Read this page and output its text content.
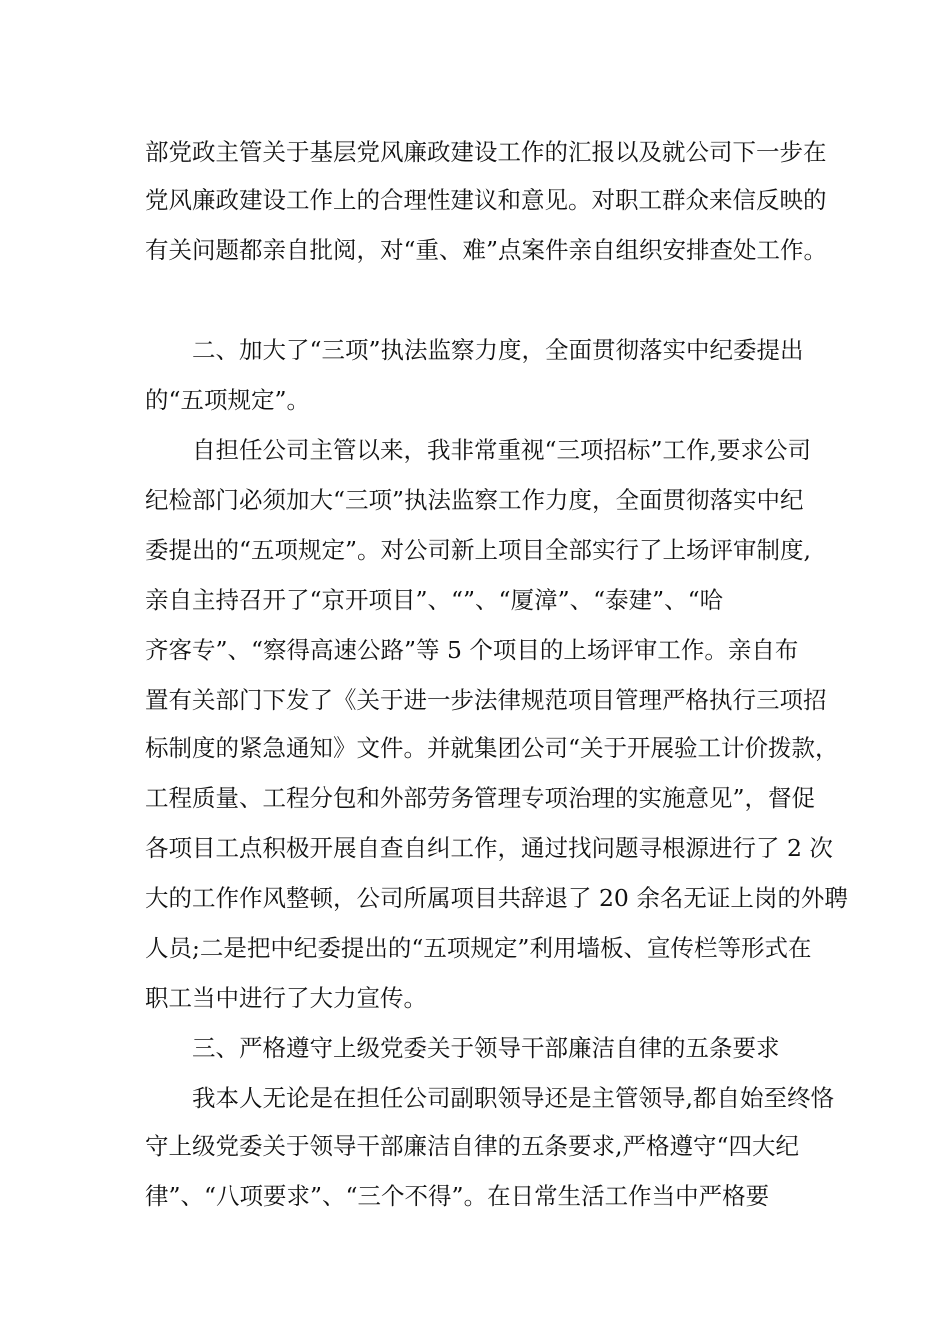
部党政主管关于基层党风廉政建设工作的汇报以及就公司下一步在
党风廉政建设工作上的合理性建议和意见。对职工群众来信反映的
有关问题都亲自批阅，对“重、难”点案件亲自组织安排查处工作。
二、加大了“三项”执法监察力度，全面贯彻落实中纪委提出
的“五项规定”。
自担任公司主管以来，我非常重视“三项招标”工作,要求公司
纪检部门必须加大“三项”执法监察工作力度，全面贯彻落实中纪
委提出的“五项规定”。对公司新上项目全部实行了上场评审制度,
亲自主持召开了“京开项目”、“”、“厦漳”、“泰建”、“哈
齐客专”、“察得高速公路”等 5 个项目的上场评审工作。亲自布
置有关部门下发了《关于进一步法律规范项目管理严格执行三项招
标制度的紧急通知》文件。并就集团公司“关于开展验工计价拨款，
工程质量、工程分包和外部劳务管理专项治理的实施意见”，督促
各项目工点积极开展自查自纠工作，通过找问题寻根源进行了 2 次
大的工作作风整顿，公司所属项目共辞退了 20 余名无证上岗的外聘
人员;二是把中纪委提出的“五项规定”利用墙板、宣传栏等形式在
职工当中进行了大力宣传。
三、严格遵守上级党委关于领导干部廉洁自律的五条要求
我本人无论是在担任公司副职领导还是主管领导,都自始至终恪
守上级党委关于领导干部廉洁自律的五条要求,严格遵守“四大纪
律”、“八项要求”、“三个不得”。在日常生活工作当中严格要
